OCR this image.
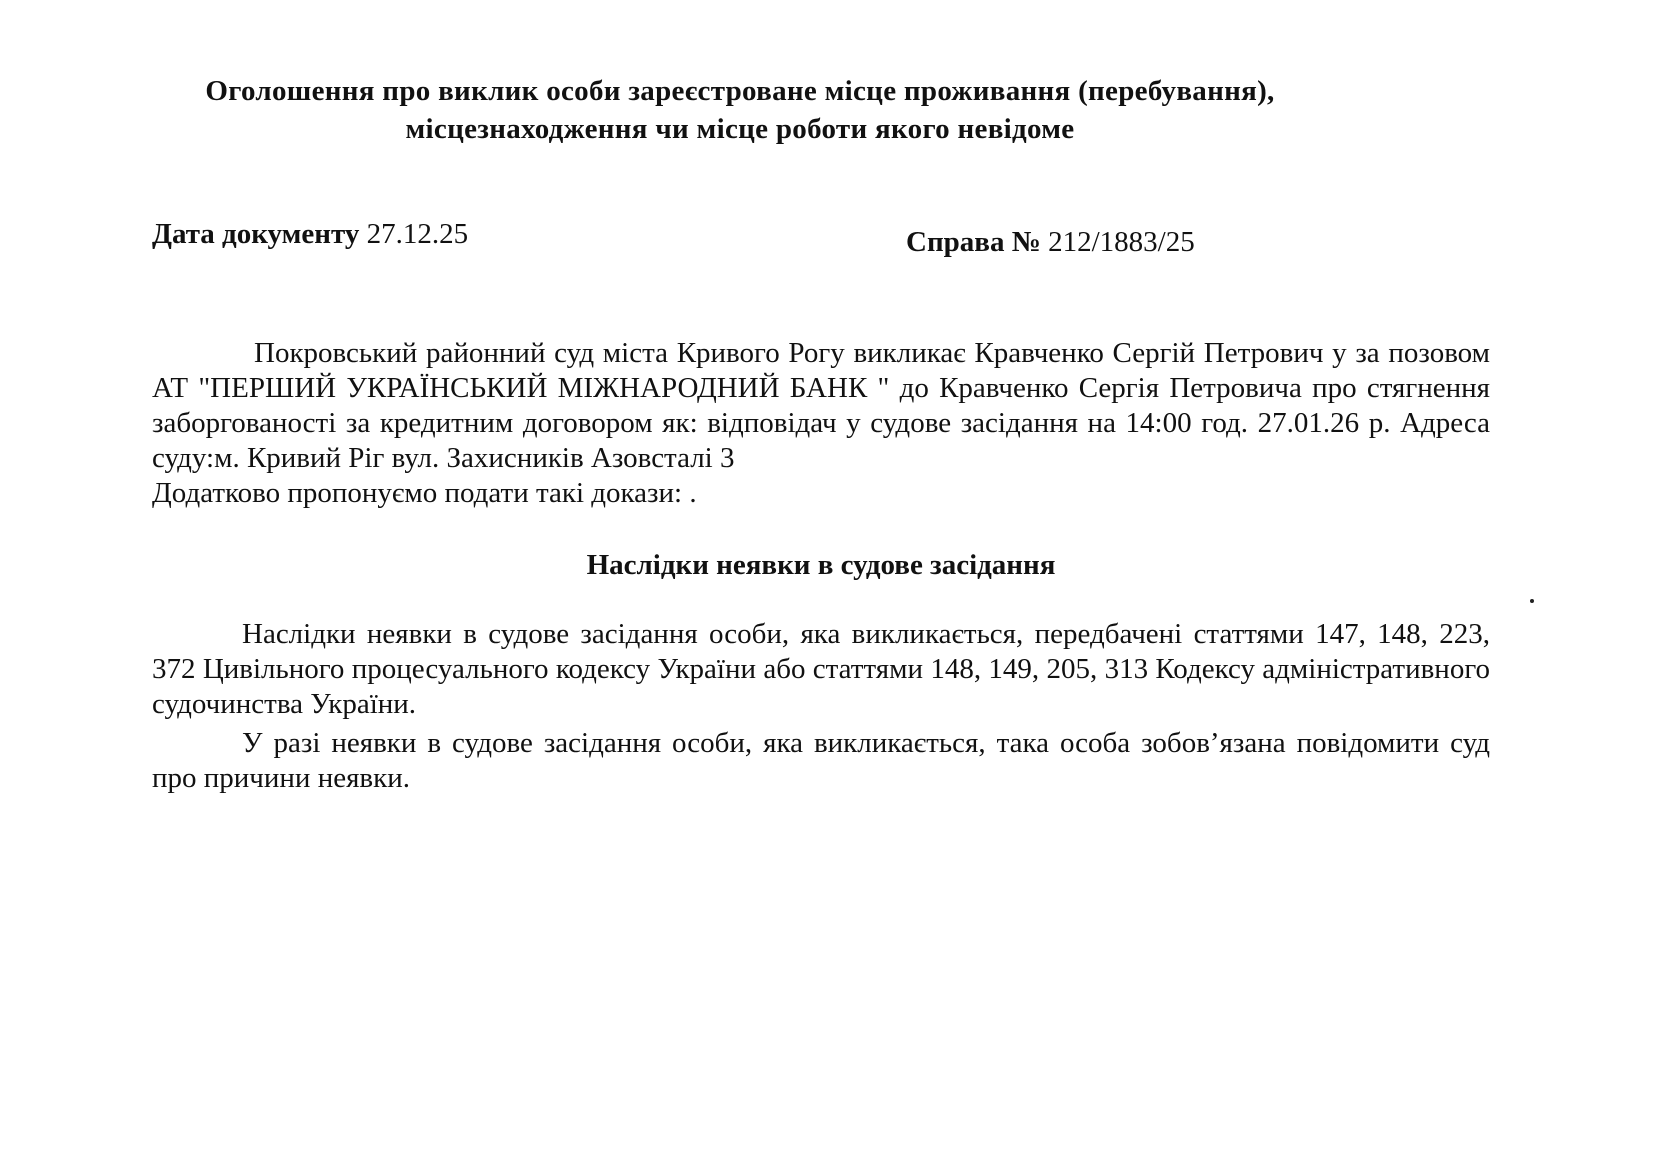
Оголошення про виклик особи зареєстроване місце проживання (перебування),
місцезнаходження чи місце роботи якого невідоме
Дата документу 27.12.25	Справа № 212/1883/25
Покровський районний суд міста Кривого Рогу викликає Кравченко Сергій Петрович у за позовом АТ "ПЕРШИЙ УКРАЇНСЬКИЙ МІЖНАРОДНИЙ БАНК " до Кравченко Сергія Петровича про стягнення заборгованості за кредитним договором як: відповідач у судове засідання на 14:00 год. 27.01.26 р. Адреса суду:м. Кривий Ріг вул. Захисників Азовсталі 3
Додатково пропонуємо подати такі докази: .
Наслідки неявки в судове засідання
Наслідки неявки в судове засідання особи, яка викликається, передбачені статтями 147, 148, 223, 372 Цивільного процесуального кодексу України або статтями 148, 149, 205, 313 Кодексу адміністративного судочинства України.
У разі неявки в судове засідання особи, яка викликається, така особа зобов’язана повідомити суд про причини неявки.
